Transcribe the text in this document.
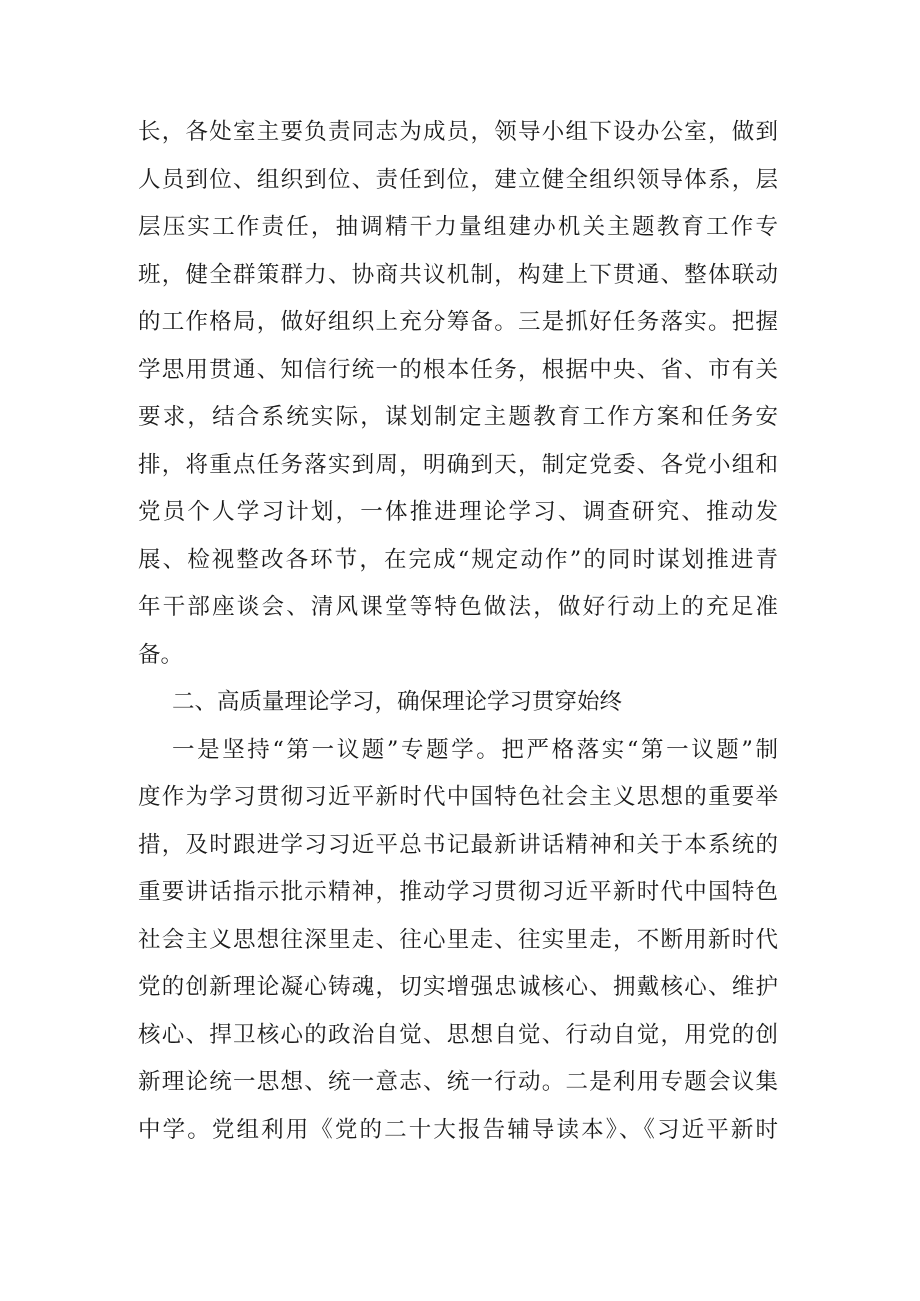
长，各处室主要负责同志为成员，领导小组下设办公室，做到
人员到位、组织到位、责任到位，建立健全组织领导体系，层
层压实工作责任，抽调精干力量组建办机关主题教育工作专
班，健全群策群力、协商共议机制，构建上下贯通、整体联动
的工作格局，做好组织上充分筹备。三是抓好任务落实。把握
学思用贯通、知信行统一的根本任务，根据中央、省、市有关
要求，结合系统实际，谋划制定主题教育工作方案和任务安
排，将重点任务落实到周，明确到天，制定党委、各党小组和
党员个人学习计划，一体推进理论学习、调查研究、推动发
展、检视整改各环节，在完成“规定动作”的同时谋划推进青
年干部座谈会、清风课堂等特色做法，做好行动上的充足准
备。
二、高质量理论学习，确保理论学习贯穿始终
一是坚持“第一议题”专题学。把严格落实“第一议题”制
度作为学习贯彻习近平新时代中国特色社会主义思想的重要举
措，及时跟进学习习近平总书记最新讲话精神和关于本系统的
重要讲话指示批示精神，推动学习贯彻习近平新时代中国特色
社会主义思想往深里走、往心里走、往实里走，不断用新时代
党的创新理论凝心铸魂，切实增强忠诚核心、拥戴核心、维护
核心、捍卫核心的政治自觉、思想自觉、行动自觉，用党的创
新理论统一思想、统一意志、统一行动。二是利用专题会议集
中学。党组利用《党的二十大报告辅导读本》、《习近平新时
